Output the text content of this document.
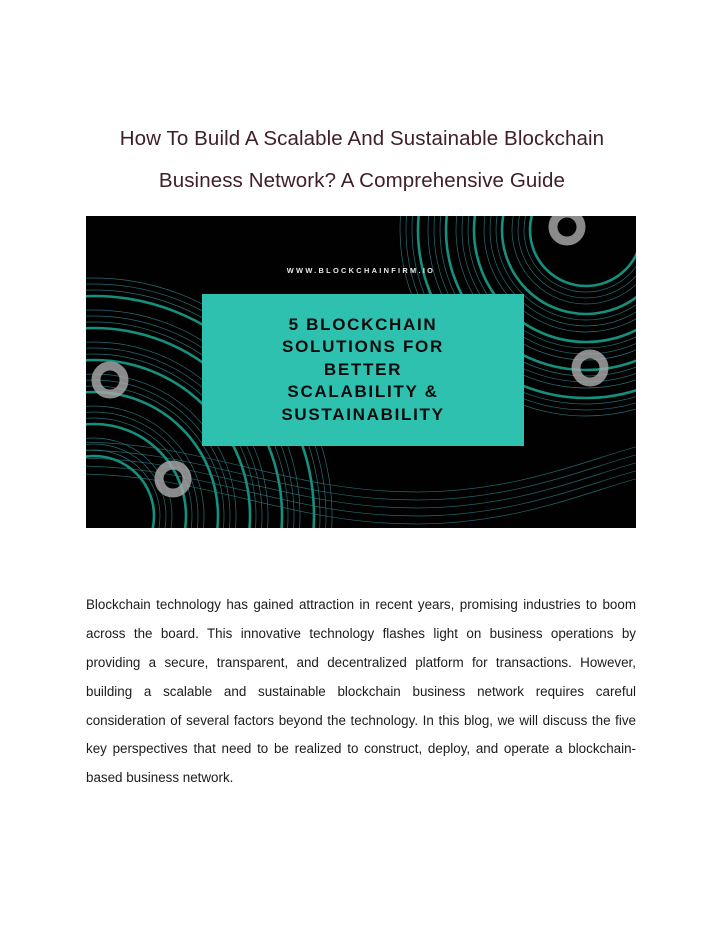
How To Build A Scalable And Sustainable Blockchain Business Network? A Comprehensive Guide
WWW.BLOCKCHAINFIRM.IO
5 BLOCKCHAIN
SOLUTIONS FOR
BETTER
SCALABILITY &
SUSTAINABILITY

Blockchain technology has gained attraction in recent years, promising industries to boom across the board. This innovative technology flashes light on business operations by providing a secure, transparent, and decentralized platform for transactions. However, building a scalable and sustainable blockchain business network requires careful consideration of several factors beyond the technology. In this blog, we will discuss the five key perspectives that need to be realized to construct, deploy, and operate a blockchain-based business network.
